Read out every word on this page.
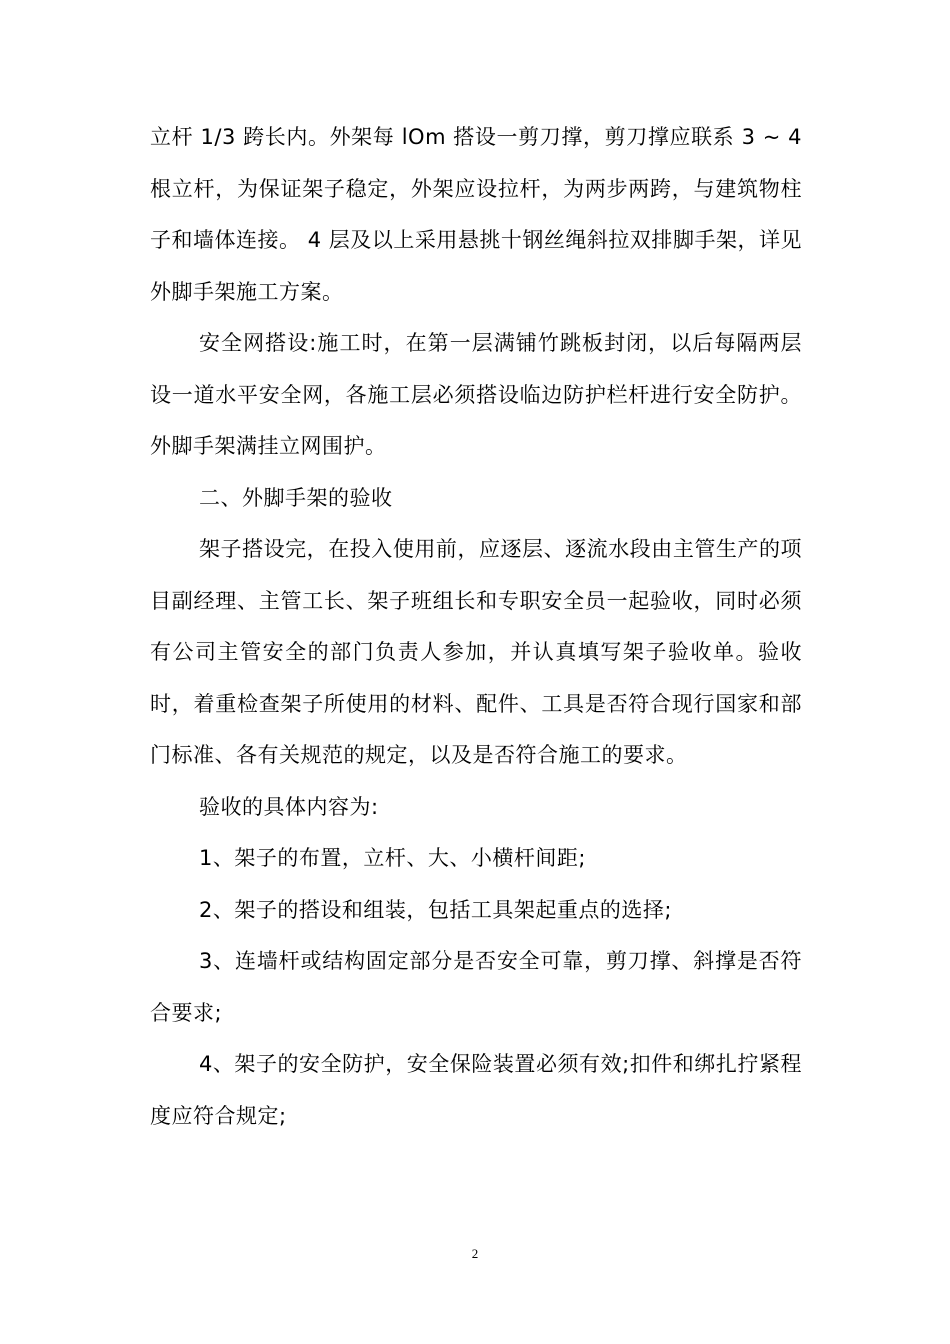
立杆 1/3 跨长内。外架每 lOm 搭设一剪刀撑，剪刀撑应联系 3 ~ 4 根立杆，为保证架子稳定，外架应设拉杆，为两步两跨，与建筑物柱子和墙体连接。 4 层及以上采用悬挑十钢丝绳斜拉双排脚手架，详见外脚手架施工方案。

安全网搭设:施工时，在第一层满铺竹跳板封闭，以后每隔两层设一道水平安全网，各施工层必须搭设临边防护栏杆进行安全防护。外脚手架满挂立网围护。

二、外脚手架的验收

架子搭设完，在投入使用前，应逐层、逐流水段由主管生产的项目副经理、主管工长、架子班组长和专职安全员一起验收，同时必须有公司主管安全的部门负责人参加，并认真填写架子验收单。验收时，着重检查架子所使用的材料、配件、工具是否符合现行国家和部门标准、各有关规范的规定，以及是否符合施工的要求。

验收的具体内容为:

1、架子的布置，立杆、大、小横杆间距;

2、架子的搭设和组装，包括工具架起重点的选择;

3、连墙杆或结构固定部分是否安全可靠，剪刀撑、斜撑是否符合要求;

4、架子的安全防护，安全保险装置必须有效;扣件和绑扎拧紧程度应符合规定;

2
